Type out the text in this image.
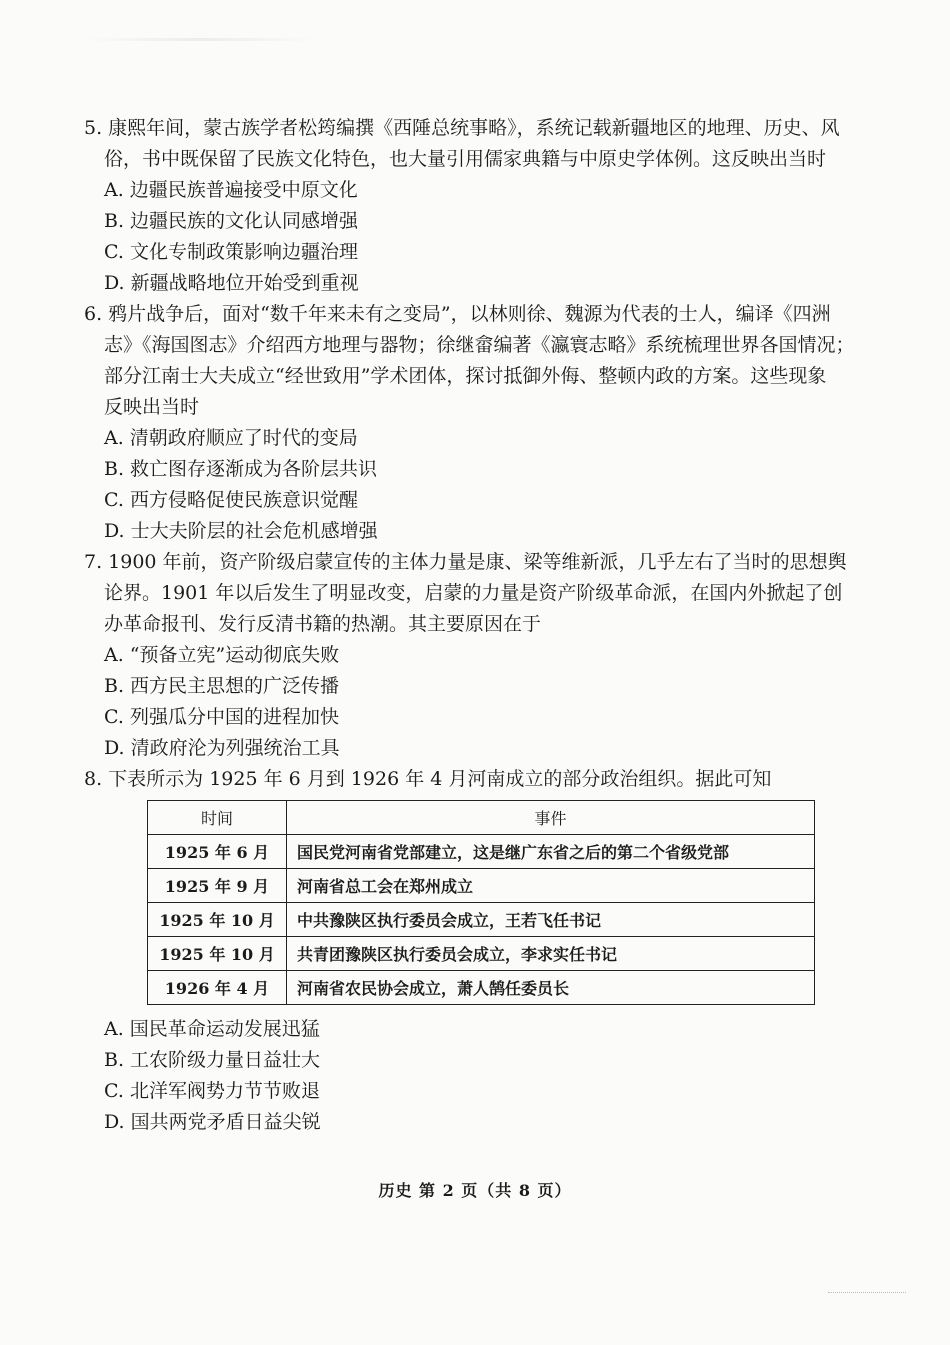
5. 康熙年间，蒙古族学者松筠编撰《西陲总统事略》，系统记载新疆地区的地理、历史、风
俗，书中既保留了民族文化特色，也大量引用儒家典籍与中原史学体例。这反映出当时
A. 边疆民族普遍接受中原文化
B. 边疆民族的文化认同感增强
C. 文化专制政策影响边疆治理
D. 新疆战略地位开始受到重视
6. 鸦片战争后，面对“数千年来未有之变局”，以林则徐、魏源为代表的士人，编译《四洲
志》《海国图志》介绍西方地理与器物；徐继畲编著《瀛寰志略》系统梳理世界各国情况；
部分江南士大夫成立“经世致用”学术团体，探讨抵御外侮、整顿内政的方案。这些现象
反映出当时
A. 清朝政府顺应了时代的变局
B. 救亡图存逐渐成为各阶层共识
C. 西方侵略促使民族意识觉醒
D. 士大夫阶层的社会危机感增强
7. 1900 年前，资产阶级启蒙宣传的主体力量是康、梁等维新派，几乎左右了当时的思想舆
论界。1901 年以后发生了明显改变，启蒙的力量是资产阶级革命派，在国内外掀起了创
办革命报刊、发行反清书籍的热潮。其主要原因在于
A. “预备立宪”运动彻底失败
B. 西方民主思想的广泛传播
C. 列强瓜分中国的进程加快
D. 清政府沦为列强统治工具
8. 下表所示为 1925 年 6 月到 1926 年 4 月河南成立的部分政治组织。据此可知
时间	事件
1925 年 6 月	国民党河南省党部建立，这是继广东省之后的第二个省级党部
1925 年 9 月	河南省总工会在郑州成立
1925 年 10 月	中共豫陕区执行委员会成立，王若飞任书记
1925 年 10 月	共青团豫陕区执行委员会成立，李求实任书记
1926 年 4 月	河南省农民协会成立，萧人鹄任委员长
A. 国民革命运动发展迅猛
B. 工农阶级力量日益壮大
C. 北洋军阀势力节节败退
D. 国共两党矛盾日益尖锐
历史 第 2 页（共 8 页）
